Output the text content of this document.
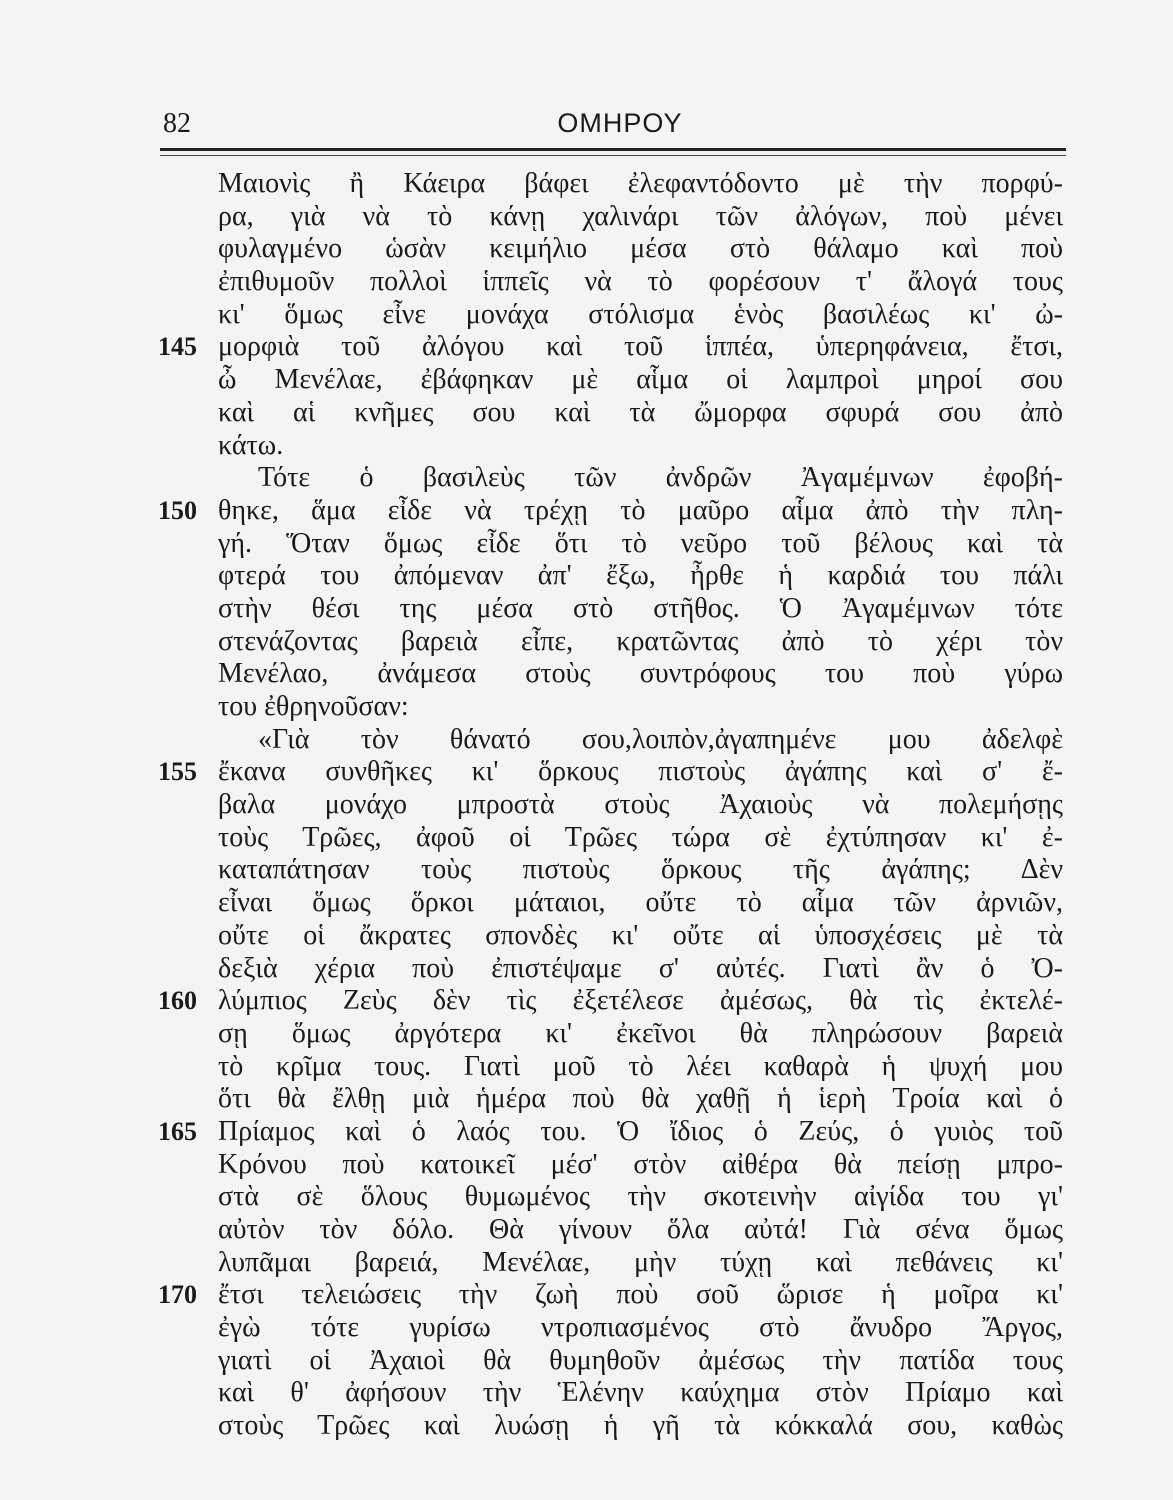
82	ΟΜΗΡΟΥ
Μαιονὶς ἢ Κάειρα βάφει ἐλεφαντόδοντο μὲ τὴν πορφύ-
ρα, γιὰ νὰ τὸ κάνῃ χαλινάρι τῶν ἀλόγων, ποὺ μένει
φυλαγμένο ὡσὰν κειμήλιο μέσα στὸ θάλαμο καὶ ποὺ
ἐπιθυμοῦν πολλοὶ ἱππεῖς νὰ τὸ φορέσουν τ' ἄλογά τους
κι' ὅμως εἶνε μονάχα στόλισμα ἑνὸς βασιλέως κι' ὠ-
145 μορφιὰ τοῦ ἀλόγου καὶ τοῦ ἱππέα, ὑπερηφάνεια, ἔτσι,
ὦ Μενέλαε, ἐβάφηκαν μὲ αἷμα οἱ λαμπροὶ μηροί σου
καὶ αἱ κνῆμες σου καὶ τὰ ὤμορφα σφυρά σου ἀπὸ
κάτω.
Τότε ὁ βασιλεὺς τῶν ἀνδρῶν Ἀγαμέμνων ἐφοβή-
150 θηκε, ἅμα εἶδε νὰ τρέχῃ τὸ μαῦρο αἷμα ἀπὸ τὴν πλη-
γή. Ὅταν ὅμως εἶδε ὅτι τὸ νεῦρο τοῦ βέλους καὶ τὰ
φτερά του ἀπόμεναν ἀπ' ἔξω, ἦρθε ἡ καρδιά του πάλι
στὴν θέσι της μέσα στὸ στῆθος. Ὁ Ἀγαμέμνων τότε
στενάζοντας βαρειὰ εἶπε, κρατῶντας ἀπὸ τὸ χέρι τὸν
Μενέλαο, ἀνάμεσα στοὺς συντρόφους του ποὺ γύρω
του ἐθρηνοῦσαν:
«Γιὰ τὸν θάνατό σου,λοιπὸν,ἀγαπημένε μου ἀδελφὲ
155 ἔκανα συνθῆκες κι' ὅρκους πιστοὺς ἀγάπης καὶ σ' ἔ-
βαλα μονάχο μπροστὰ στοὺς Ἀχαιοὺς νὰ πολεμήσῃς
τοὺς Τρῶες, ἀφοῦ οἱ Τρῶες τώρα σὲ ἐχτύπησαν κι' ἐ-
καταπάτησαν τοὺς πιστοὺς ὅρκους τῆς ἀγάπης; Δὲν
εἶναι ὅμως ὅρκοι μάταιοι, οὔτε τὸ αἷμα τῶν ἀρνιῶν,
οὔτε οἱ ἄκρατες σπονδὲς κι' οὔτε αἱ ὑποσχέσεις μὲ τὰ
δεξιὰ χέρια ποὺ ἐπιστέψαμε σ' αὐτές. Γιατὶ ἂν ὁ Ὀ-
160 λύμπιος Ζεὺς δὲν τὶς ἐξετέλεσε ἀμέσως, θὰ τὶς ἐκτελέ-
σῃ ὅμως ἀργότερα κι' ἐκεῖνοι θὰ πληρώσουν βαρειὰ
τὸ κρῖμα τους. Γιατὶ μοῦ τὸ λέει καθαρὰ ἡ ψυχή μου
ὅτι θὰ ἔλθῃ μιὰ ἡμέρα ποὺ θὰ χαθῇ ἡ ἱερὴ Τροία καὶ ὁ
165 Πρίαμος καὶ ὁ λαός του. Ὁ ἴδιος ὁ Ζεύς, ὁ γυιὸς τοῦ
Κρόνου ποὺ κατοικεῖ μέσ' στὸν αἰθέρα θὰ πείσῃ μπρο-
στὰ σὲ ὅλους θυμωμένος τὴν σκοτεινὴν αἰγίδα του γι'
αὐτὸν τὸν δόλο. Θὰ γίνουν ὅλα αὐτά! Γιὰ σένα ὅμως
λυπᾶμαι βαρειά, Μενέλαε, μὴν τύχῃ καὶ πεθάνεις κι'
170 ἔτσι τελειώσεις τὴν ζωὴ ποὺ σοῦ ὥρισε ἡ μοῖρα κι'
ἐγὼ τότε γυρίσω ντροπιασμένος στὸ ἄνυδρο Ἄργος,
γιατὶ οἱ Ἀχαιοὶ θὰ θυμηθοῦν ἀμέσως τὴν πατίδα τους
καὶ θ' ἀφήσουν τὴν Ἑλένην καύχημα στὸν Πρίαμο καὶ
στοὺς Τρῶες καὶ λυώσῃ ἡ γῆ τὰ κόκκαλά σου, καθὼς
